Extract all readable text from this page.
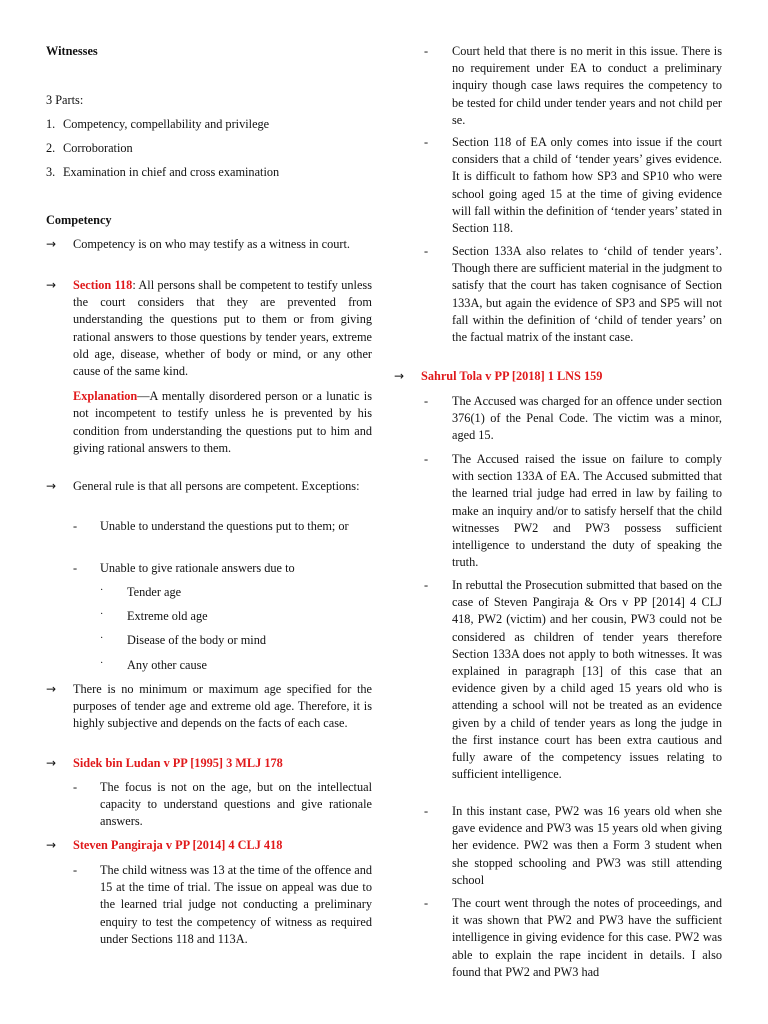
Witnesses
3 Parts:
1. Competency, compellability and privilege
2. Corroboration
3. Examination in chief and cross examination
Competency
→	Competency is on who may testify as a witness in court.
→	Section 118: All persons shall be competent to testify unless the court considers that they are prevented from understanding the questions put to them or from giving rational answers to those questions by tender years, extreme old age, disease, whether of body or mind, or any other cause of the same kind.
Explanation—A mentally disordered person or a lunatic is not incompetent to testify unless he is prevented by his condition from understanding the questions put to him and giving rational answers to them.
→	General rule is that all persons are competent. Exceptions:
- Unable to understand the questions put to them; or
- Unable to give rationale answers due to
· Tender age
· Extreme old age
· Disease of the body or mind
· Any other cause
→	There is no minimum or maximum age specified for the purposes of tender age and extreme old age. Therefore, it is highly subjective and depends on the facts of each case.
→	Sidek bin Ludan v PP [1995] 3 MLJ 178
- The focus is not on the age, but on the intellectual capacity to understand questions and give rationale answers.
→	Steven Pangiraja v PP [2014] 4 CLJ 418
- The child witness was 13 at the time of the offence and 15 at the time of trial. The issue on appeal was due to the learned trial judge not conducting a preliminary enquiry to test the competency of witness as required under Sections 118 and 113A.
- Court held that there is no merit in this issue. There is no requirement under EA to conduct a preliminary inquiry though case laws requires the competency to be tested for child under tender years and not child per se.
- Section 118 of EA only comes into issue if the court considers that a child of ‘tender years’ gives evidence. It is difficult to fathom how SP3 and SP10 who were school going aged 15 at the time of giving evidence will fall within the definition of ‘tender years’ stated in Section 118.
- Section 133A also relates to ‘child of tender years’. Though there are sufficient material in the judgment to satisfy that the court has taken cognisance of Section 133A, but again the evidence of SP3 and SP5 will not fall within the definition of ‘child of tender years’ on the factual matrix of the instant case.
→	Sahrul Tola v PP [2018] 1 LNS 159
- The Accused was charged for an offence under section 376(1) of the Penal Code. The victim was a minor, aged 15.
- The Accused raised the issue on failure to comply with section 133A of EA. The Accused submitted that the learned trial judge had erred in law by failing to make an inquiry and/or to satisfy herself that the child witnesses PW2 and PW3 possess sufficient intelligence to understand the duty of speaking the truth.
- In rebuttal the Prosecution submitted that based on the case of Steven Pangiraja & Ors v PP [2014] 4 CLJ 418, PW2 (victim) and her cousin, PW3 could not be considered as children of tender years therefore Section 133A does not apply to both witnesses. It was explained in paragraph [13] of this case that an evidence given by a child aged 15 years old who is attending a school will not be treated as an evidence given by a child of tender years as long the judge in the first instance court has been extra cautious and fully aware of the competency issues relating to sufficient intelligence.
- In this instant case, PW2 was 16 years old when she gave evidence and PW3 was 15 years old when giving her evidence. PW2 was then a Form 3 student when she stopped schooling and PW3 was still attending school
- The court went through the notes of proceedings, and it was shown that PW2 and PW3 have the sufficient intelligence in giving evidence for this case. PW2 was able to explain the rape incident in details. I also found that PW2 and PW3 had
